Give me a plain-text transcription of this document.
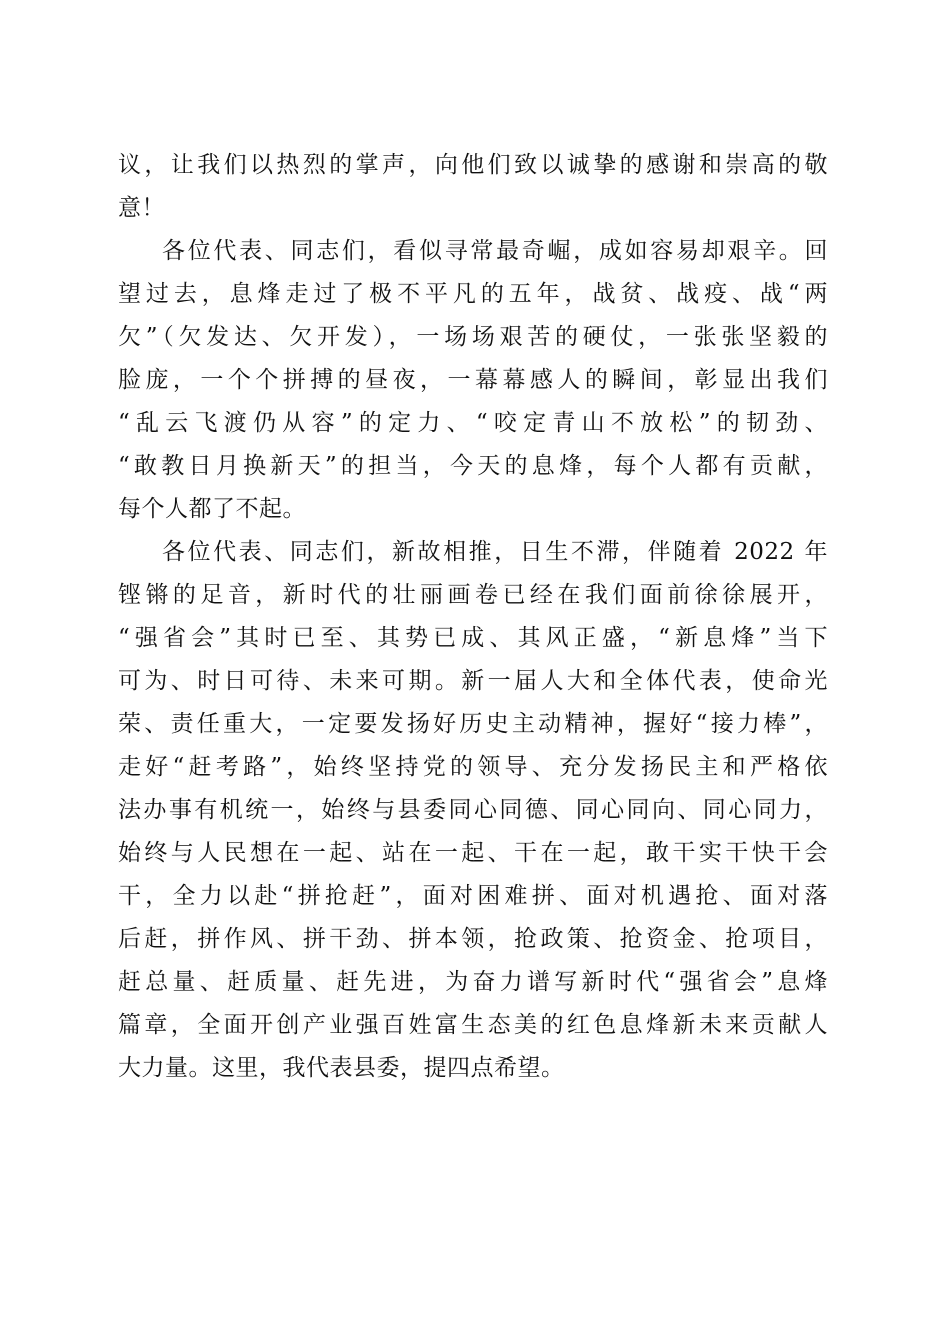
议，让我们以热烈的掌声，向他们致以诚挚的感谢和崇高的敬
意！
各位代表、同志们，看似寻常最奇崛，成如容易却艰辛。回
望过去，息烽走过了极不平凡的五年，战贫、战疫、战“两
欠”（欠发达、欠开发），一场场艰苦的硬仗，一张张坚毅的
脸庞，一个个拼搏的昼夜，一幕幕感人的瞬间，彰显出我们
“乱云飞渡仍从容”的定力、“咬定青山不放松”的韧劲、
“敢教日月换新天”的担当，今天的息烽，每个人都有贡献，
每个人都了不起。
各位代表、同志们，新故相推，日生不滞，伴随着 2022 年
铿锵的足音，新时代的壮丽画卷已经在我们面前徐徐展开，
“强省会”其时已至、其势已成、其风正盛，“新息烽”当下
可为、时日可待、未来可期。新一届人大和全体代表，使命光
荣、责任重大，一定要发扬好历史主动精神，握好“接力棒”，
走好“赶考路”，始终坚持党的领导、充分发扬民主和严格依
法办事有机统一，始终与县委同心同德、同心同向、同心同力，
始终与人民想在一起、站在一起、干在一起，敢干实干快干会
干，全力以赴“拼抢赶”，面对困难拼、面对机遇抢、面对落
后赶，拼作风、拼干劲、拼本领，抢政策、抢资金、抢项目，
赶总量、赶质量、赶先进，为奋力谱写新时代“强省会”息烽
篇章，全面开创产业强百姓富生态美的红色息烽新未来贡献人
大力量。这里，我代表县委，提四点希望。
